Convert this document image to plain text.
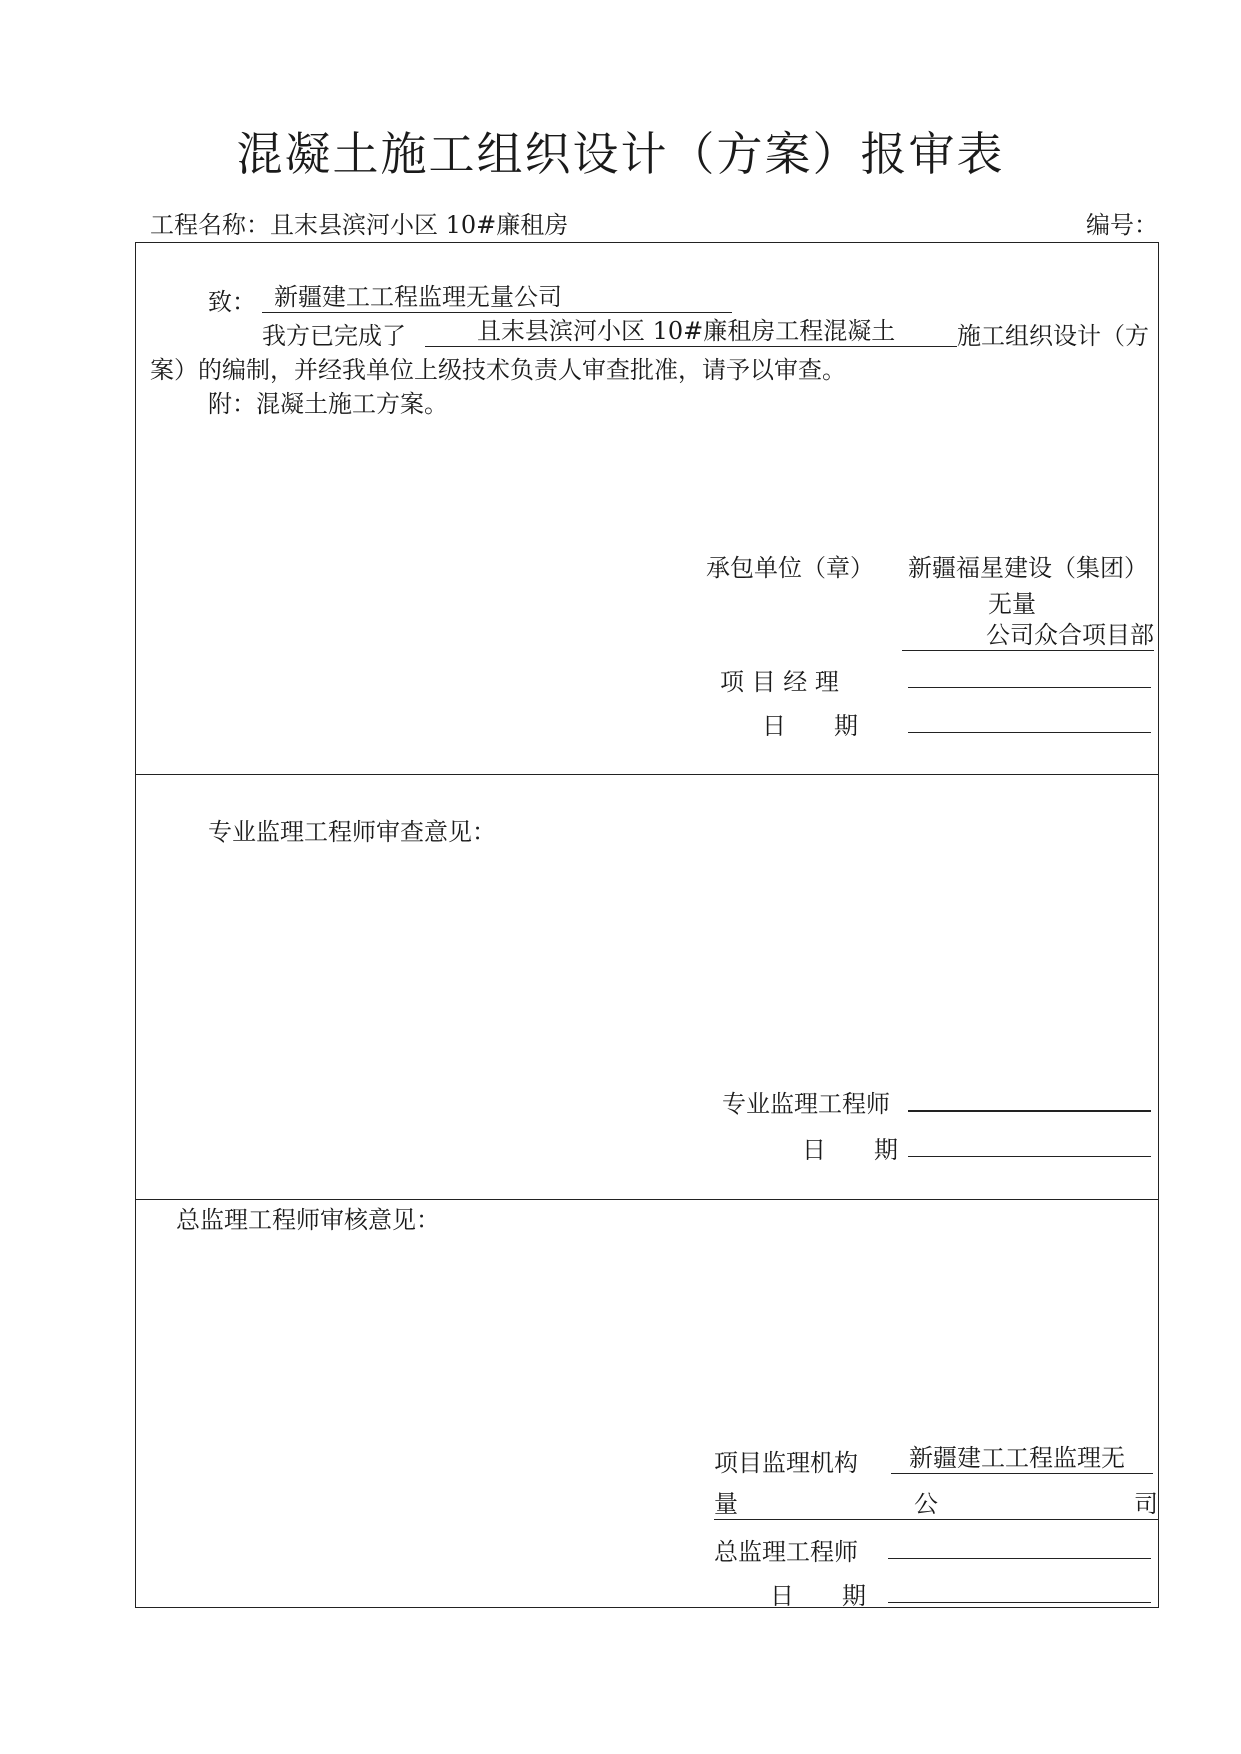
混凝土施工组织设计（方案）报审表
工程名称：且末县滨河小区 10#廉租房	编号：
致： 新疆建工工程监理无量公司
我方已完成了	且末县滨河小区 10#廉租房工程混凝土	施工组织设计（方
案）的编制，并经我单位上级技术负责人审查批准，请予以审查。
附：混凝土施工方案。
承包单位（章） 新疆福星建设（集团）
无量
公司众合项目部
项 目 经 理
日　　期
专业监理工程师审查意见：
专业监理工程师
日　　期
总监理工程师审核意见：
项目监理机构	新疆建工工程监理无
量	公	司
总监理工程师
日　　期
